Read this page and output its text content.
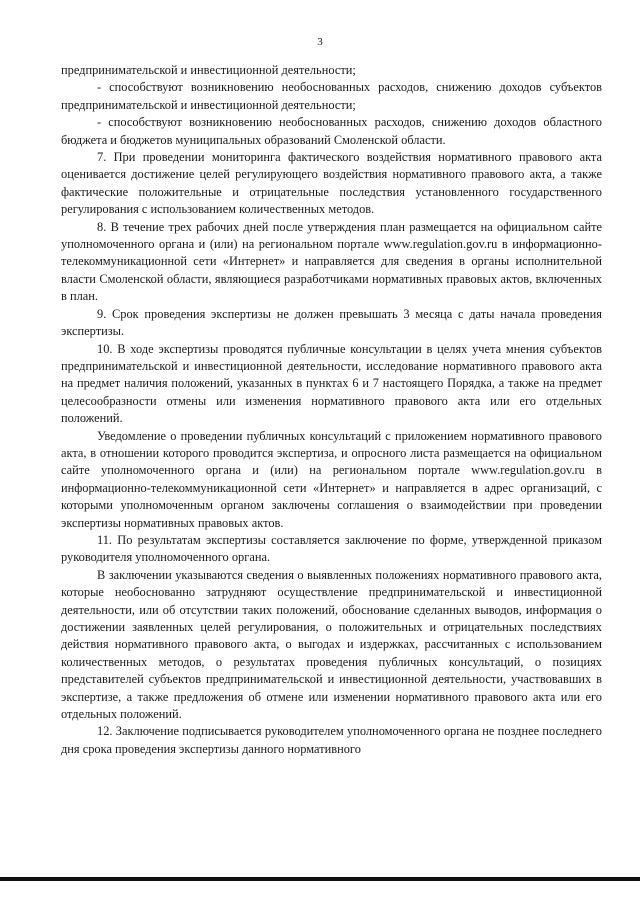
3

предпринимательской и инвестиционной деятельности;

- способствуют возникновению необоснованных расходов, снижению доходов субъектов предпринимательской и инвестиционной деятельности;

- способствуют возникновению необоснованных расходов, снижению доходов областного бюджета и бюджетов муниципальных образований Смоленской области.

7. При проведении мониторинга фактического воздействия нормативного правового акта оценивается достижение целей регулирующего воздействия нормативного правового акта, а также фактические положительные и отрицательные последствия установленного государственного регулирования с использованием количественных методов.

8. В течение трех рабочих дней после утверждения план размещается на официальном сайте уполномоченного органа и (или) на региональном портале www.regulation.gov.ru в информационно-телекоммуникационной сети «Интернет» и направляется для сведения в органы исполнительной власти Смоленской области, являющиеся разработчиками нормативных правовых актов, включенных в план.

9. Срок проведения экспертизы не должен превышать 3 месяца с даты начала проведения экспертизы.

10. В ходе экспертизы проводятся публичные консультации в целях учета мнения субъектов предпринимательской и инвестиционной деятельности, исследование нормативного правового акта на предмет наличия положений, указанных в пунктах 6 и 7 настоящего Порядка, а также на предмет целесообразности отмены или изменения нормативного правового акта или его отдельных положений.

Уведомление о проведении публичных консультаций с приложением нормативного правового акта, в отношении которого проводится экспертиза, и опросного листа размещается на официальном сайте уполномоченного органа и (или) на региональном портале www.regulation.gov.ru в информационно-телекоммуникационной сети «Интернет» и направляется в адрес организаций, с которыми уполномоченным органом заключены соглашения о взаимодействии при проведении экспертизы нормативных правовых актов.

11. По результатам экспертизы составляется заключение по форме, утвержденной приказом руководителя уполномоченного органа.

В заключении указываются сведения о выявленных положениях нормативного правового акта, которые необоснованно затрудняют осуществление предпринимательской и инвестиционной деятельности, или об отсутствии таких положений, обоснование сделанных выводов, информация о достижении заявленных целей регулирования, о положительных и отрицательных последствиях действия нормативного правового акта, о выгодах и издержках, рассчитанных с использованием количественных методов, о результатах проведения публичных консультаций, о позициях представителей субъектов предпринимательской и инвестиционной деятельности, участвовавших в экспертизе, а также предложения об отмене или изменении нормативного правового акта или его отдельных положений.

12. Заключение подписывается руководителем уполномоченного органа не позднее последнего дня срока проведения экспертизы данного нормативного
